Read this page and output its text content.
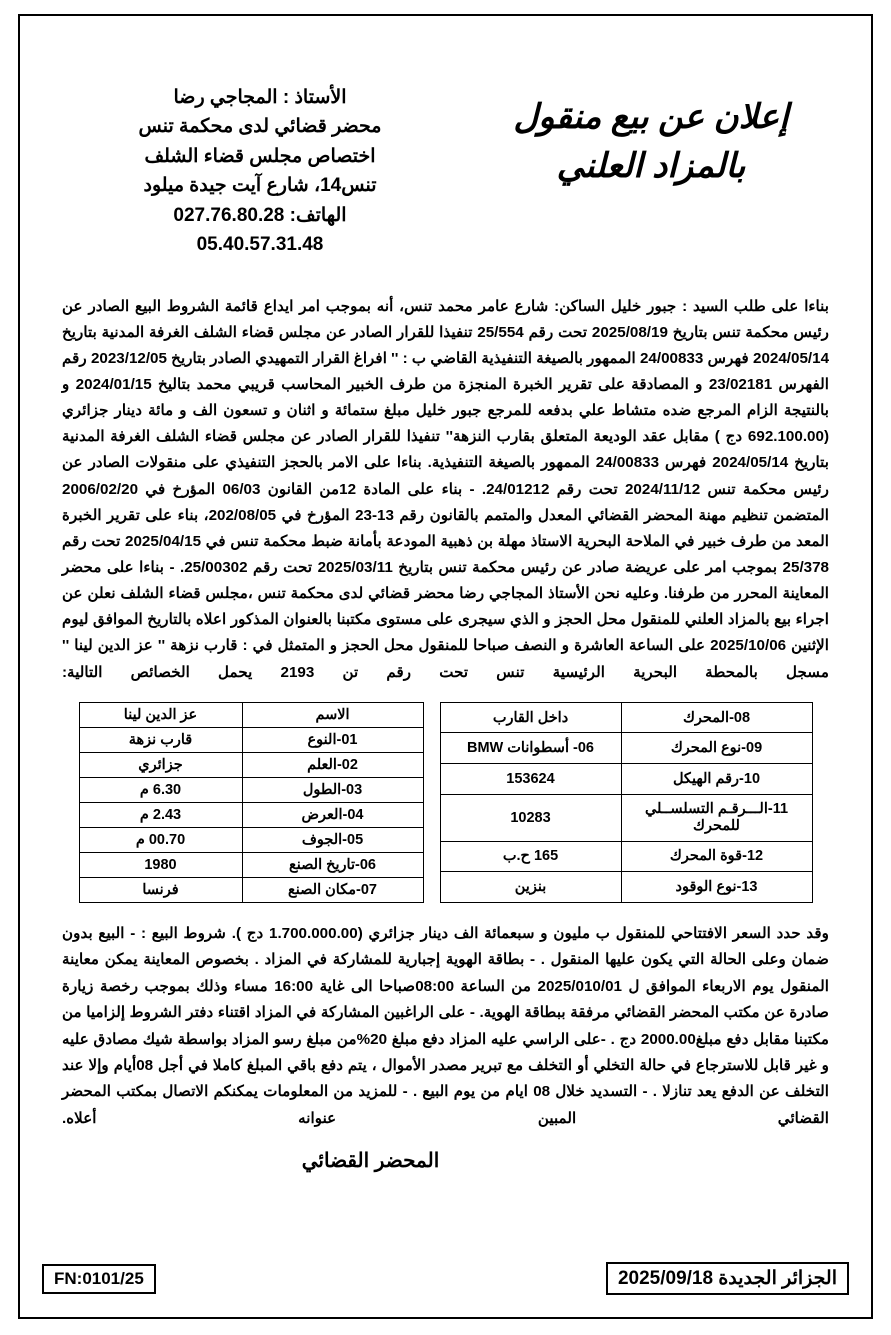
إعلان عن بيع منقول
بالمزاد العلني
الأستاذ : المجاجي رضا
محضر قضائي لدى محكمة تنس
اختصاص مجلس قضاء الشلف
تنس14، شارع آيت جيدة ميلود
الهاتف: 027.76.80.28
05.40.57.31.48

بناءا على طلب السيد : جبور خليل الساكن: شارع عامر محمد تنس، أنه بموجب امر ايداع قائمة الشروط البيع الصادر عن رئيس محكمة تنس بتاريخ 2025/08/19 تحت رقم 25/554 تنفيذا للقرار الصادر عن مجلس قضاء الشلف الغرفة المدنية بتاريخ 2024/05/14 فهرس 24/00833 الممهور بالصيغة التنفيذية القاضي ب : '' افراغ القرار التمهيدي الصادر بتاريخ 2023/12/05 رقم الفهرس 23/02181 و المصادقة على تقرير الخبرة المنجزة من طرف الخبير المحاسب قريبي محمد بتاليخ 2024/01/15 و بالنتيجة الزام المرجع ضده متشاط علي بدفعه للمرجع جبور خليل مبلغ ستمائة و اثنان و تسعون الف و مائة دينار جزائري (692.100.00 دج ) مقابل عقد الوديعة المتعلق بقارب النزهة'' تنفيذا للقرار الصادر عن مجلس قضاء الشلف الغرفة المدنية بتاريخ 2024/05/14 فهرس 24/00833 الممهور بالصيغة التنفيذية. بناءا على الامر بالحجز التنفيذي على منقولات الصادر عن رئيس محكمة تنس 2024/11/12 تحت رقم 24/01212. - بناء على المادة 12من القانون 06/03 المؤرخ في 2006/02/20 المتضمن تنظيم مهنة المحضر القضائي المعدل والمتمم بالقانون رقم 13-23 المؤرخ في 202/08/05، بناء على تقرير الخبرة المعد من طرف خبير في الملاحة البحرية الاستاذ مهلة بن ذهبية المودعة بأمانة ضبط محكمة تنس في 2025/04/15 تحت رقم 25/378 بموجب امر على عريضة صادر عن رئيس محكمة تنس بتاريخ 2025/03/11 تحت رقم 25/00302. - بناءا على محضر المعاينة المحرر من طرفنا. وعليه نحن الأستاذ المجاجي رضا محضر قضائي لدى محكمة تنس ،مجلس قضاء الشلف نعلن عن اجراء بيع بالمزاد العلني للمنقول محل الحجز و الذي سيجرى على مستوى مكتبنا بالعنوان المذكور اعلاه بالتاريخ الموافق ليوم الإثنين 2025/10/06 على الساعة العاشرة و النصف صباحا للمنقول محل الحجز و المتمثل في : قارب نزهة '' عز الدين لينا '' مسجل بالمحطة البحرية الرئيسية تنس تحت رقم تن 2193 يحمل الخصائص التالية:

08-المحرك	داخل القارب
09-نوع المحرك	06- أسطوانات BMW
10-رقم الهيكل	153624
11-الـــرقـم التسلســلي للمحرك	10283
12-قوة المحرك	165 ح.ب
13-نوع الوقود	بنزين
الاسم	عز الدين لينا
01-النوع	قارب نزهة
02-العلم	جزائري
03-الطول	6.30 م
04-العرض	2.43 م
05-الجوف	00.70 م
06-تاريخ الصنع	1980
07-مكان الصنع	فرنسا

وقد حدد السعر الافتتاحي للمنقول ب مليون و سبعمائة الف دينار جزائري (1.700.000.00 دج ). شروط البيع : - البيع بدون ضمان وعلى الحالة التي يكون عليها المنقول . - بطاقة الهوية إجبارية للمشاركة في المزاد . بخصوص المعاينة يمكن معاينة المنقول يوم الاربعاء الموافق ل 2025/010/01 من الساعة 08:00صباحا الى غاية 16:00 مساء وذلك بموجب رخصة زيارة صادرة عن مكتب المحضر القضائي مرفقة ببطاقة الهوية. - على الراغبين المشاركة في المزاد اقتناء دفتر الشروط إلزاميا من مكتبنا مقابل دفع مبلغ2000.00 دج . -على الراسي عليه المزاد دفع مبلغ 20%من مبلغ رسو المزاد بواسطة شيك مصادق عليه و غير قابل للاسترجاع في حالة التخلي أو التخلف مع تبرير مصدر الأموال ، يتم دفع باقي المبلغ كاملا في أجل 08أيام وإلا عند التخلف عن الدفع يعد تنازلا . - التسديد خلال 08 ايام من يوم البيع . - للمزيد من المعلومات يمكنكم الاتصال بمكتب المحضر القضائي المبين عنوانه أعلاه.

المحضر القضائي
الجزائر الجديدة 2025/09/18
FN:0101/25
